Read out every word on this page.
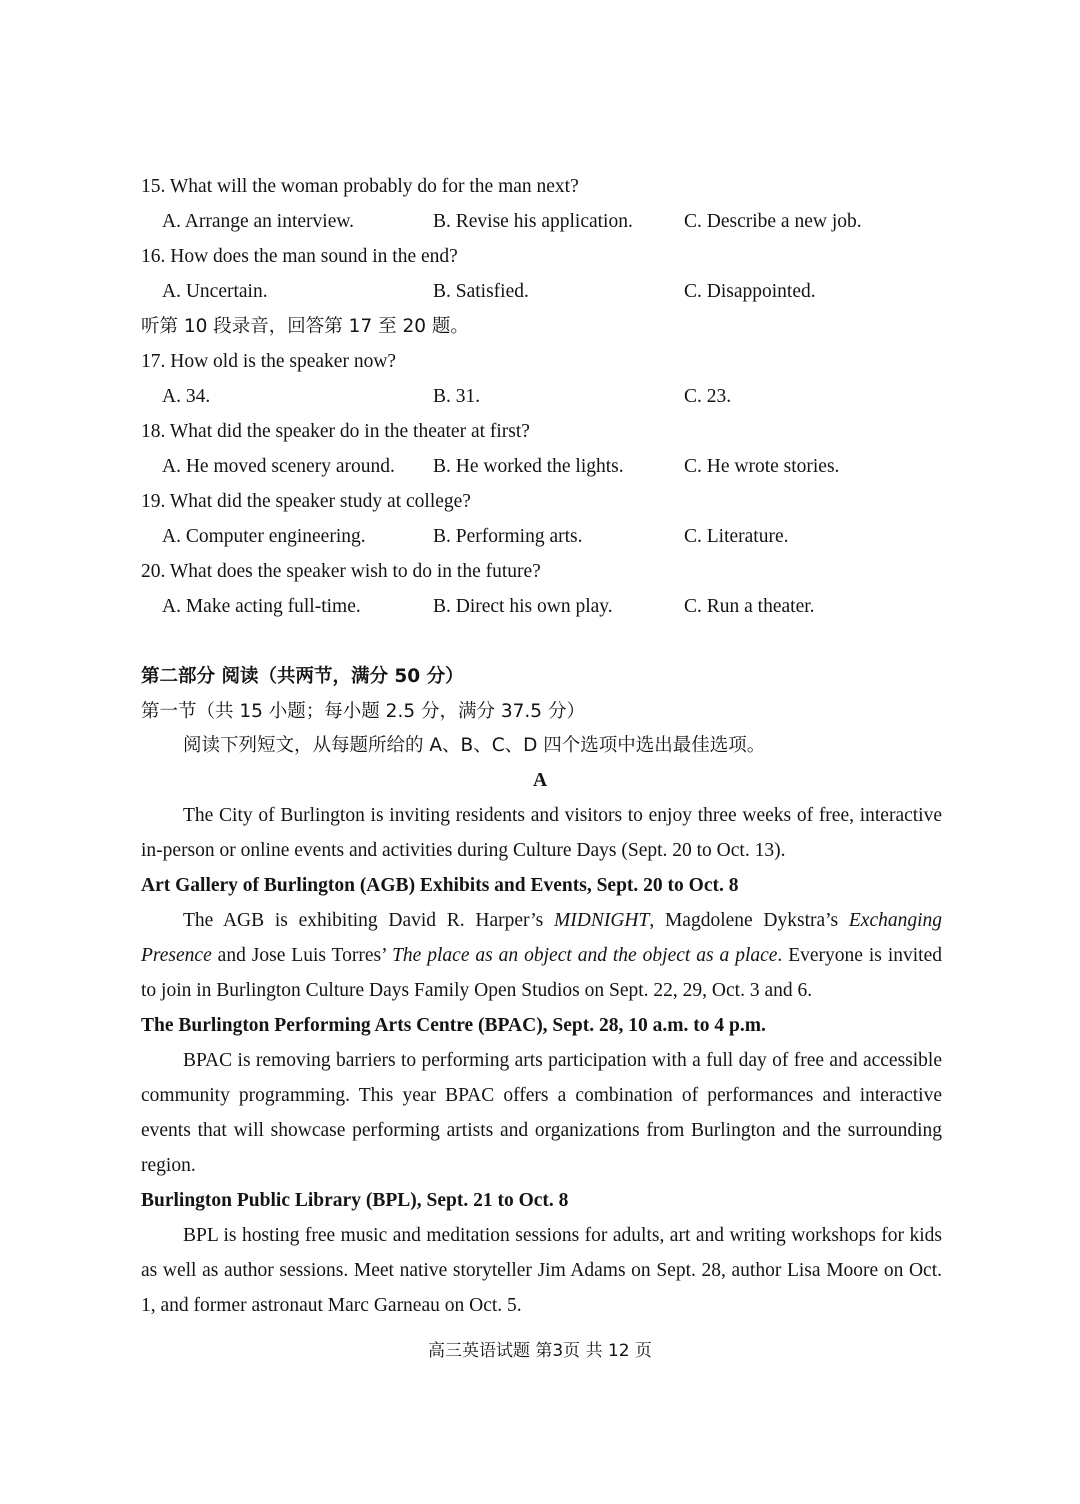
15. What will the woman probably do for the man next?
A. Arrange an interview.	B. Revise his application.	C. Describe a new job.
16. How does the man sound in the end?
A. Uncertain.	B. Satisfied.	C. Disappointed.
听第 10 段录音，回答第 17 至 20 题。
17. How old is the speaker now?
A. 34.	B. 31.	C. 23.
18. What did the speaker do in the theater at first?
A. He moved scenery around. B. He worked the lights.	C. He wrote stories.
19. What did the speaker study at college?
A. Computer engineering.	B. Performing arts.	C. Literature.
20. What does the speaker wish to do in the future?
A. Make acting full-time.	B. Direct his own play.	C. Run a theater.
第二部分 阅读（共两节，满分 50 分）
第一节（共 15 小题；每小题 2.5 分，满分 37.5 分）
阅读下列短文，从每题所给的 A、B、C、D 四个选项中选出最佳选项。
A
The City of Burlington is inviting residents and visitors to enjoy three weeks of free, interactive in-person or online events and activities during Culture Days (Sept. 20 to Oct. 13).
Art Gallery of Burlington (AGB) Exhibits and Events, Sept. 20 to Oct. 8
The AGB is exhibiting David R. Harper’s MIDNIGHT, Magdolene Dykstra’s Exchanging Presence and Jose Luis Torres’ The place as an object and the object as a place. Everyone is invited to join in Burlington Culture Days Family Open Studios on Sept. 22, 29, Oct. 3 and 6.
The Burlington Performing Arts Centre (BPAC), Sept. 28, 10 a.m. to 4 p.m.
BPAC is removing barriers to performing arts participation with a full day of free and accessible community programming. This year BPAC offers a combination of performances and interactive events that will showcase performing artists and organizations from Burlington and the surrounding region.
Burlington Public Library (BPL), Sept. 21 to Oct. 8
BPL is hosting free music and meditation sessions for adults, art and writing workshops for kids as well as author sessions. Meet native storyteller Jim Adams on Sept. 28, author Lisa Moore on Oct. 1, and former astronaut Marc Garneau on Oct. 5.
高三英语试题 第3页 共 12 页
